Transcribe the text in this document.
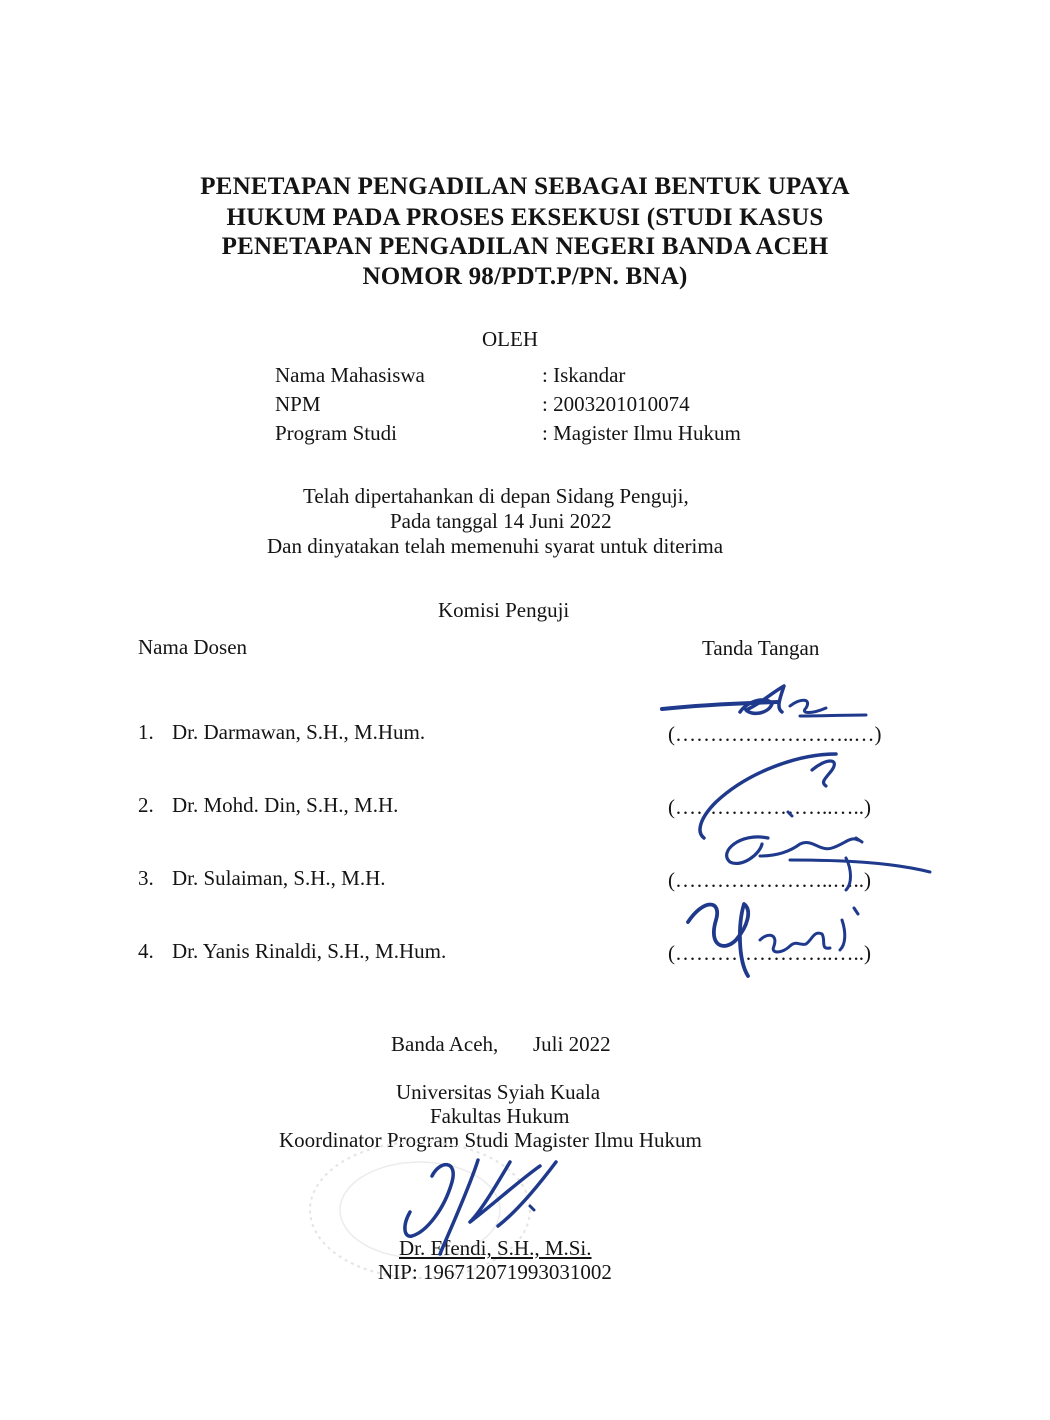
PENETAPAN PENGADILAN SEBAGAI BENTUK UPAYA
HUKUM PADA PROSES EKSEKUSI (STUDI KASUS
PENETAPAN PENGADILAN NEGERI BANDA ACEH
NOMOR 98/PDT.P/PN. BNA)
OLEH
Nama Mahasiswa	: Iskandar
NPM	: 2003201010074
Program Studi	: Magister Ilmu Hukum
Telah dipertahankan di depan Sidang Penguji,
Pada tanggal 14 Juni 2022
Dan dinyatakan telah memenuhi syarat untuk diterima
Komisi Penguji
Nama Dosen	Tanda Tangan
1. Dr. Darmawan, S.H., M.Hum.	(……………………..…)
2. Dr. Mohd. Din, S.H., M.H.	(…………………..…..)
3. Dr. Sulaiman, S.H., M.H.	(…………………..…..)
4. Dr. Yanis Rinaldi, S.H., M.Hum.	(…………………..…..)
Banda Aceh, Juli 2022
Universitas Syiah Kuala
Fakultas Hukum
Koordinator Program Studi Magister Ilmu Hukum
Dr. Efendi, S.H., M.Si.
NIP: 196712071993031002
